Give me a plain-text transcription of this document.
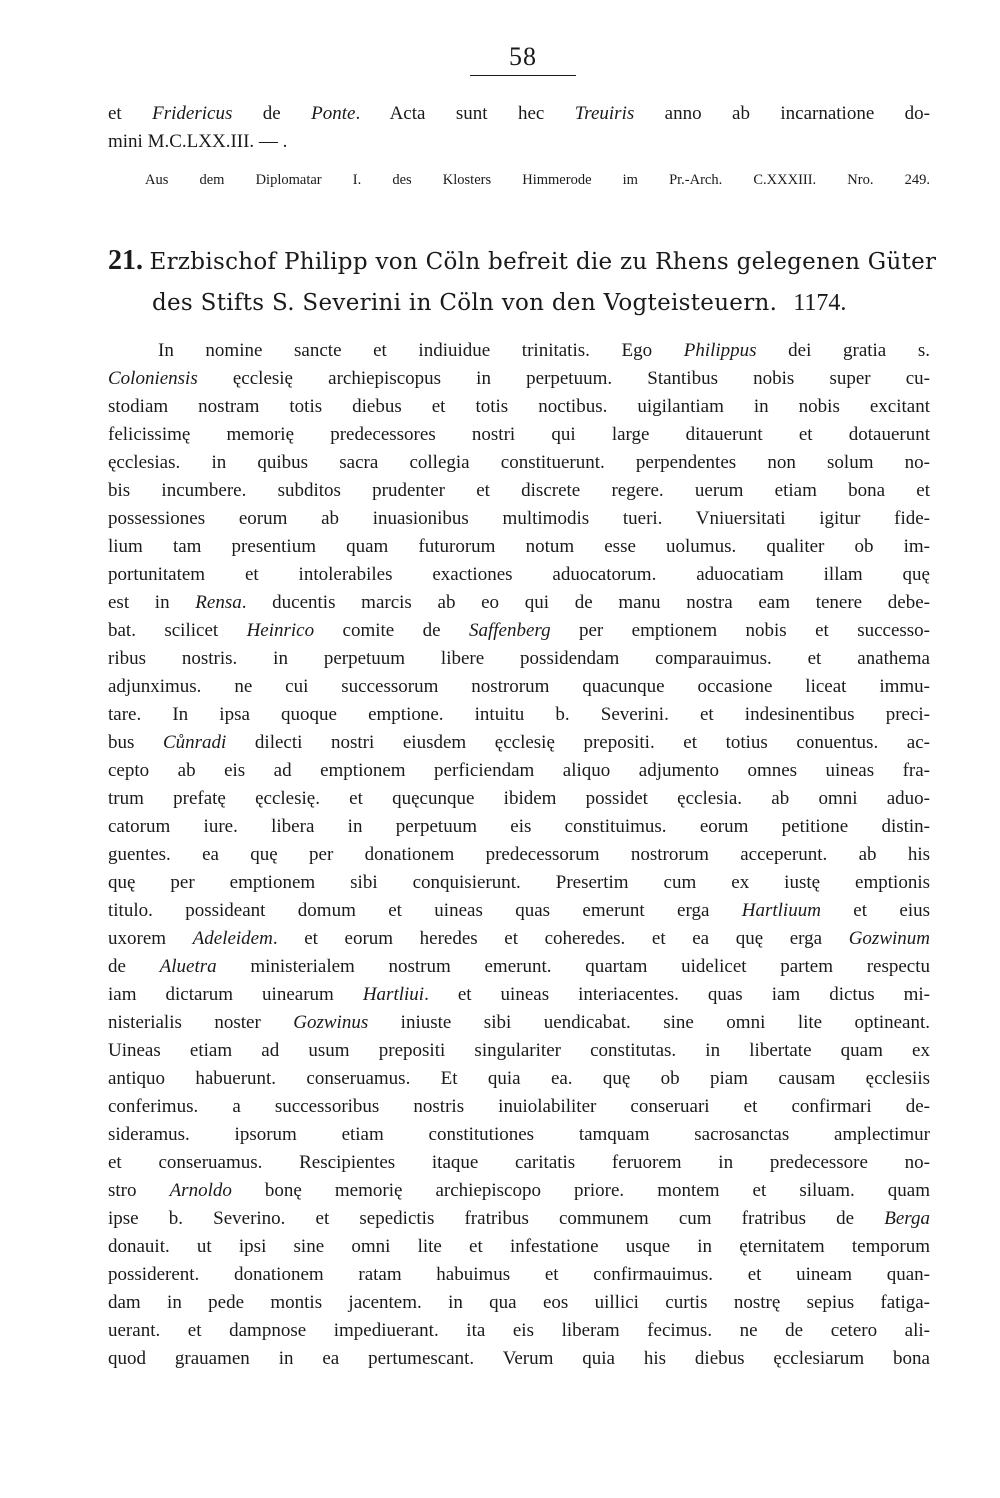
58
et Fridericus de Ponte. Acta sunt hec Treuiris anno ab incarnatione do-
mini M.C.LXX.III. — .
Aus dem Diplomatar I. des Klosters Himmerode im Pr.-Arch. C.XXXIII. Nro. 249.
21. Erzbischof Philipp von Cöln befreit die zu Rhens gelegenen Güter
des Stifts S. Severini in Cöln von den Vogteisteuern. 1174.
In nomine sancte et indiuidue trinitatis. Ego Philippus dei gratia s.
Coloniensis ęcclesię archiepiscopus in perpetuum. Stantibus nobis super cu-
stodiam nostram totis diebus et totis noctibus. uigilantiam in nobis excitant
felicissimę memorię predecessores nostri qui large ditauerunt et dotauerunt
ęcclesias. in quibus sacra collegia constituerunt. perpendentes non solum no-
bis incumbere. subditos prudenter et discrete regere. uerum etiam bona et
possessiones eorum ab inuasionibus multimodis tueri. Vniuersitati igitur fide-
lium tam presentium quam futurorum notum esse uolumus. qualiter ob im-
portunitatem et intolerabiles exactiones aduocatorum. aduocatiam illam quę
est in Rensa. ducentis marcis ab eo qui de manu nostra eam tenere debe-
bat. scilicet Heinrico comite de Saffenberg per emptionem nobis et successo-
ribus nostris. in perpetuum libere possidendam comparauimus. et anathema
adjunximus. ne cui successorum nostrorum quacunque occasione liceat immu-
tare. In ipsa quoque emptione. intuitu b. Severini. et indesinentibus preci-
bus Cůnradi dilecti nostri eiusdem ęcclesię prepositi. et totius conuentus. ac-
cepto ab eis ad emptionem perficiendam aliquo adjumento omnes uineas fra-
trum prefatę ęcclesię. et quęcunque ibidem possidet ęcclesia. ab omni aduo-
catorum iure. libera in perpetuum eis constituimus. eorum petitione distin-
guentes. ea quę per donationem predecessorum nostrorum acceperunt. ab his
quę per emptionem sibi conquisierunt. Presertim cum ex iustę emptionis
titulo. possideant domum et uineas quas emerunt erga Hartliuum et eius
uxorem Adeleidem. et eorum heredes et coheredes. et ea quę erga Gozwinum
de Aluetra ministerialem nostrum emerunt. quartam uidelicet partem respectu
iam dictarum uinearum Hartliui. et uineas interiacentes. quas iam dictus mi-
nisterialis noster Gozwinus iniuste sibi uendicabat. sine omni lite optineant.
Uineas etiam ad usum prepositi singulariter constitutas. in libertate quam ex
antiquo habuerunt. conseruamus. Et quia ea. quę ob piam causam ęcclesiis
conferimus. a successoribus nostris inuiolabiliter conseruari et confirmari de-
sideramus. ipsorum etiam constitutiones tamquam sacrosanctas amplectimur
et conseruamus. Rescipientes itaque caritatis feruorem in predecessore no-
stro Arnoldo bonę memorię archiepiscopo priore. montem et siluam. quam
ipse b. Severino. et sepedictis fratribus communem cum fratribus de Berga
donauit. ut ipsi sine omni lite et infestatione usque in ęternitatem temporum
possiderent. donationem ratam habuimus et confirmauimus. et uineam quan-
dam in pede montis jacentem. in qua eos uillici curtis nostrę sepius fatiga-
uerant. et dampnose impediuerant. ita eis liberam fecimus. ne de cetero ali-
quod grauamen in ea pertumescant. Verum quia his diebus ęcclesiarum bona
